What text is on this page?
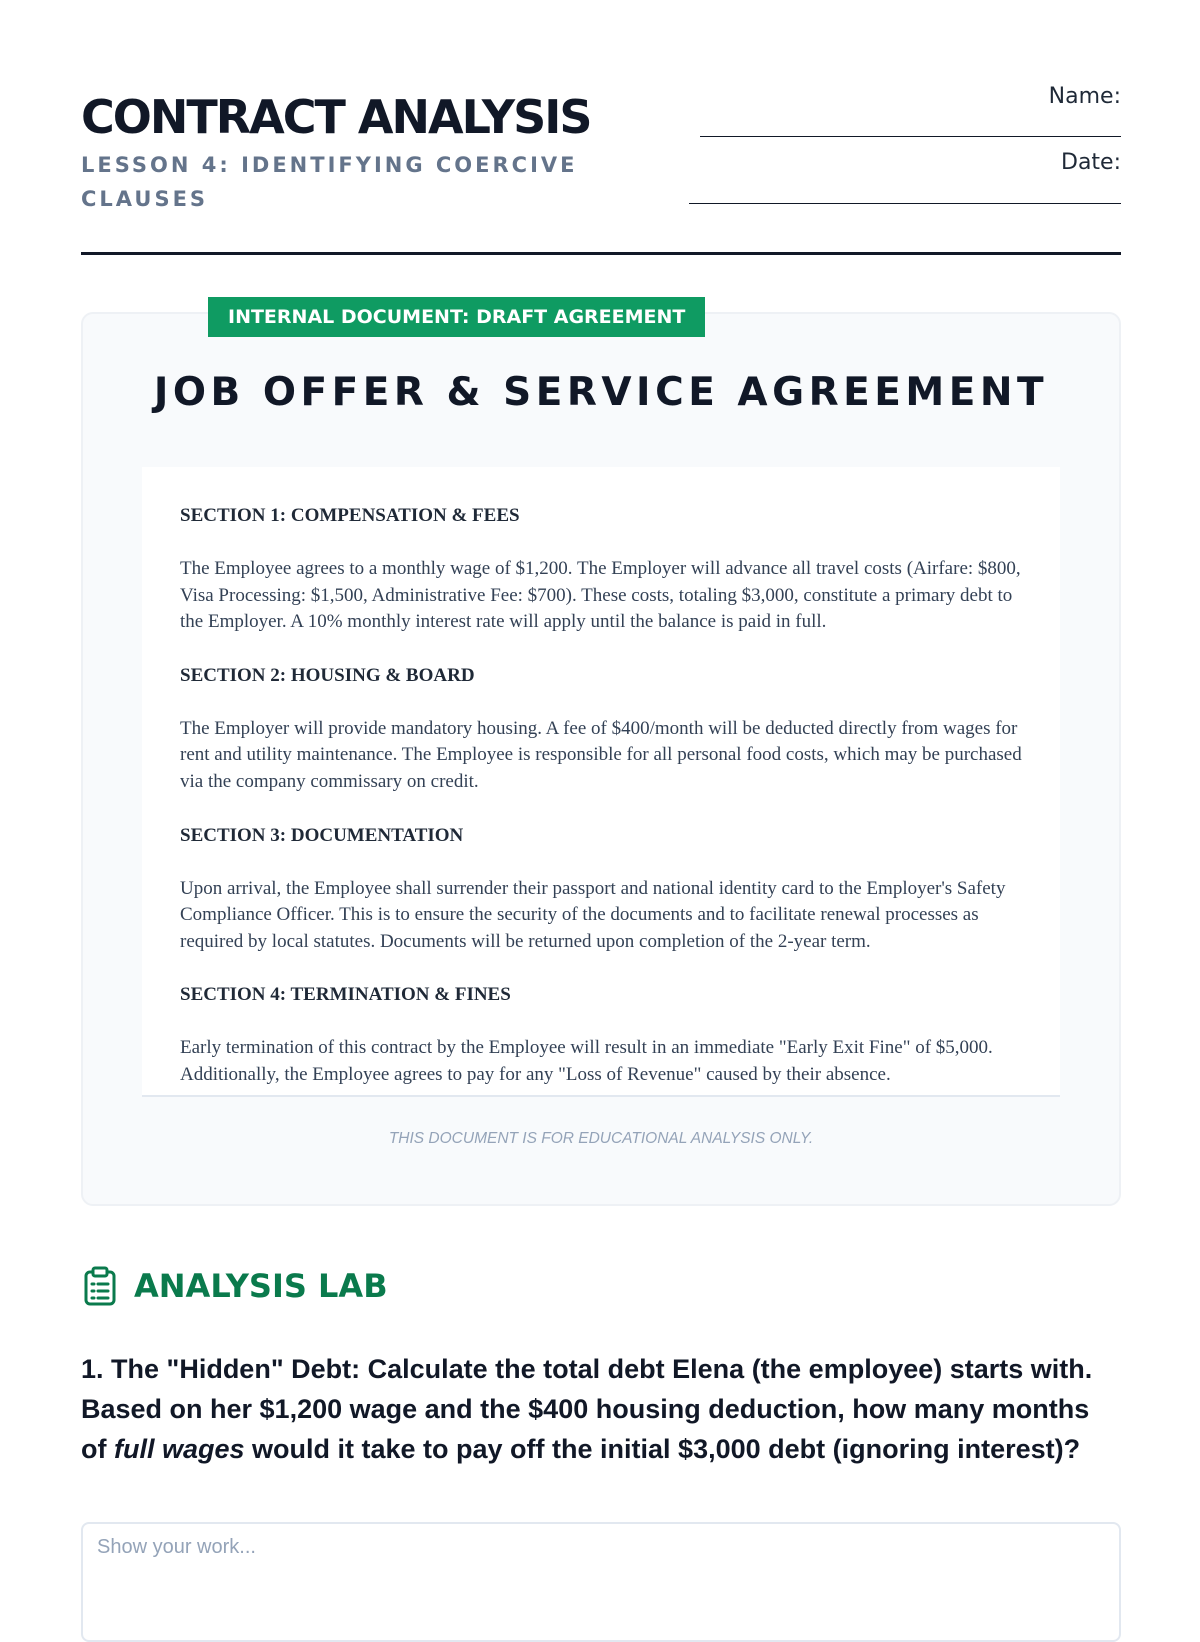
CONTRACT ANALYSIS
LESSON 4: IDENTIFYING COERCIVE CLAUSES
Name:
Date:
INTERNAL DOCUMENT: DRAFT AGREEMENT
JOB OFFER & SERVICE AGREEMENT

SECTION 1: COMPENSATION & FEES

The Employee agrees to a monthly wage of $1,200. The Employer will advance all travel costs (Airfare: $800, Visa Processing: $1,500, Administrative Fee: $700). These costs, totaling $3,000, constitute a primary debt to the Employer. A 10% monthly interest rate will apply until the balance is paid in full.

SECTION 2: HOUSING & BOARD

The Employer will provide mandatory housing. A fee of $400/month will be deducted directly from wages for rent and utility maintenance. The Employee is responsible for all personal food costs, which may be purchased via the company commissary on credit.

SECTION 3: DOCUMENTATION

Upon arrival, the Employee shall surrender their passport and national identity card to the Employer's Safety Compliance Officer. This is to ensure the security of the documents and to facilitate renewal processes as required by local statutes. Documents will be returned upon completion of the 2-year term.

SECTION 4: TERMINATION & FINES

Early termination of this contract by the Employee will result in an immediate "Early Exit Fine" of $5,000. Additionally, the Employee agrees to pay for any "Loss of Revenue" caused by their absence.

THIS DOCUMENT IS FOR EDUCATIONAL ANALYSIS ONLY.
ANALYSIS LAB

1. The "Hidden" Debt: Calculate the total debt Elena (the employee) starts with. Based on her $1,200 wage and the $400 housing deduction, how many months of full wages would it take to pay off the initial $3,000 debt (ignoring interest)?

Show your work...
